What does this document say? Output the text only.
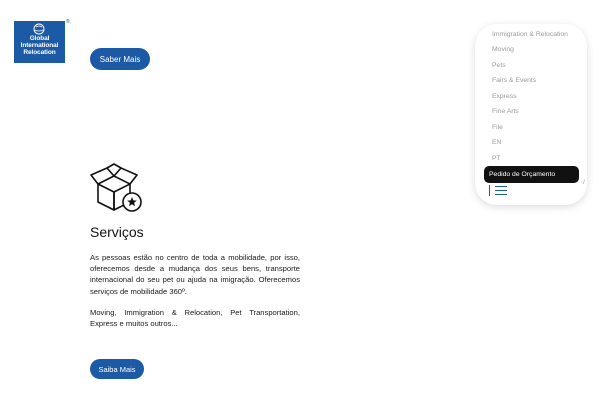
Global
International
Relocation
®
Saber Mais
Serviços

As pessoas estão no centro de toda a mobilidade, por isso, oferecemos desde a mudança dos seus bens, transporte internacional do seu pet ou ajuda na imigração. Oferecemos serviços de mobilidade 360º.

Moving, Immigration & Relocation, Pet Transportation, Express e muitos outros...

Saiba Mais
Immigration & Relocation
Moving
Pets
Fairs & Events
Express
Fine Arts
File
EN
PT
/
Pedido de Orçamento
